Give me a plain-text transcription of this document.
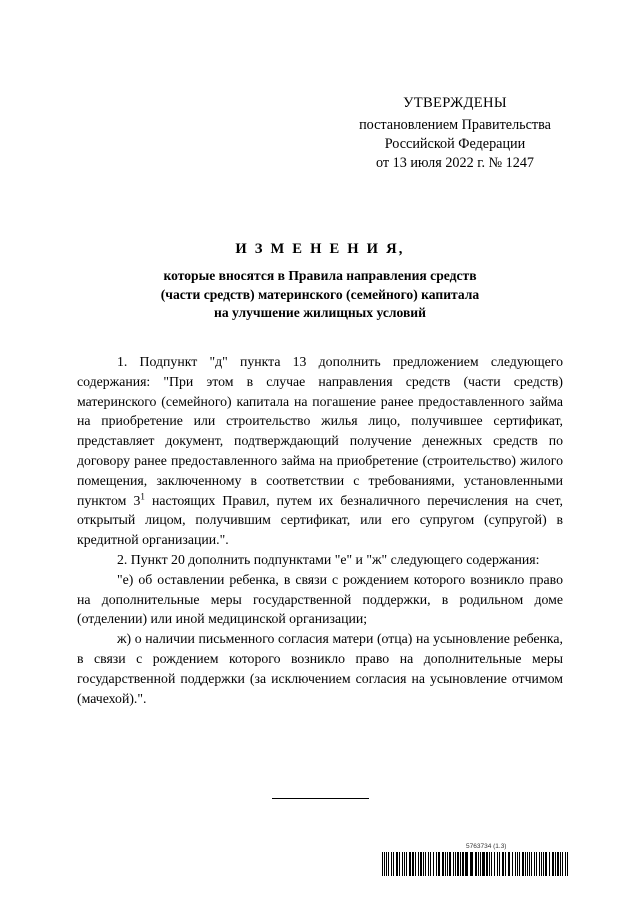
УТВЕРЖДЕНЫ
постановлением Правительства
Российской Федерации
от 13 июля 2022 г. № 1247
И З М Е Н Е Н И Я,
которые вносятся в Правила направления средств
(части средств) материнского (семейного) капитала
на улучшение жилищных условий

1. Подпункт "д" пункта 13 дополнить предложением следующего содержания: "При этом в случае направления средств (части средств) материнского (семейного) капитала на погашение ранее предоставленного займа на приобретение или строительство жилья лицо, получившее сертификат, представляет документ, подтверждающий получение денежных средств по договору ранее предоставленного займа на приобретение (строительство) жилого помещения, заключенному в соответствии с требованиями, установленными пунктом $3^1$ настоящих Правил, путем их безналичного перечисления на счет, открытый лицом, получившим сертификат, или его супругом (супругой) в кредитной организации.".

2. Пункт 20 дополнить подпунктами "е" и "ж" следующего содержания:

"е) об оставлении ребенка, в связи с рождением которого возникло право на дополнительные меры государственной поддержки, в родильном доме (отделении) или иной медицинской организации;

ж) о наличии письменного согласия матери (отца) на усыновление ребенка, в связи с рождением которого возникло право на дополнительные меры государственной поддержки (за исключением согласия на усыновление отчимом (мачехой).".

5763734 (1.3)
